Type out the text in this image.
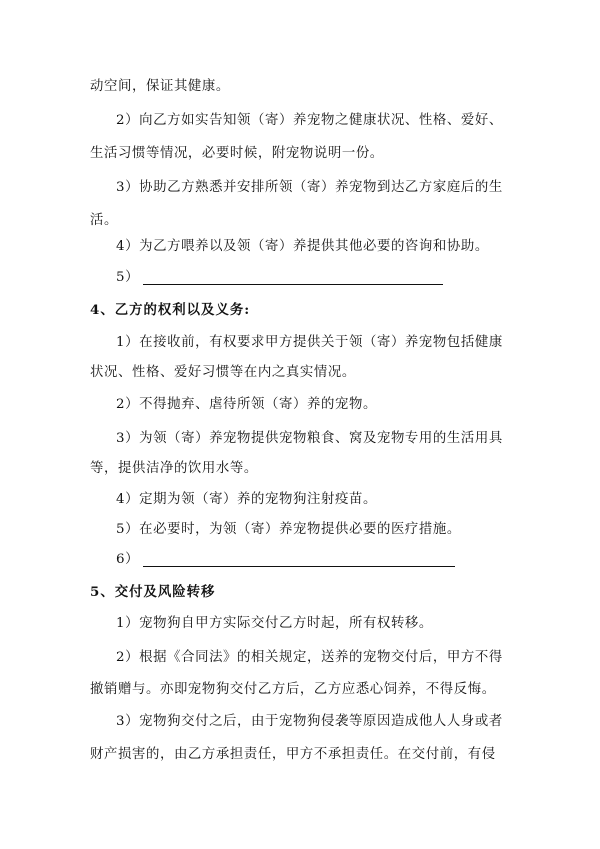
动空间，保证其健康。
2）向乙方如实告知领（寄）养宠物之健康状况、性格、爱好、
生活习惯等情况，必要时候，附宠物说明一份。
3）协助乙方熟悉并安排所领（寄）养宠物到达乙方家庭后的生
活。
4）为乙方喂养以及领（寄）养提供其他必要的咨询和协助。
5）
4、乙方的权利以及义务:
1）在接收前，有权要求甲方提供关于领（寄）养宠物包括健康
状况、性格、爱好习惯等在内之真实情况。
2）不得抛弃、虐待所领（寄）养的宠物。
3）为领（寄）养宠物提供宠物粮食、窝及宠物专用的生活用具
等，提供洁净的饮用水等。
4）定期为领（寄）养的宠物狗注射疫苗。
5）在必要时，为领（寄）养宠物提供必要的医疗措施。
6）
5、交付及风险转移
1）宠物狗自甲方实际交付乙方时起，所有权转移。
2）根据《合同法》的相关规定，送养的宠物交付后，甲方不得
撤销赠与。亦即宠物狗交付乙方后，乙方应悉心饲养，不得反悔。
3）宠物狗交付之后，由于宠物狗侵袭等原因造成他人人身或者
财产损害的，由乙方承担责任，甲方不承担责任。在交付前，有侵
